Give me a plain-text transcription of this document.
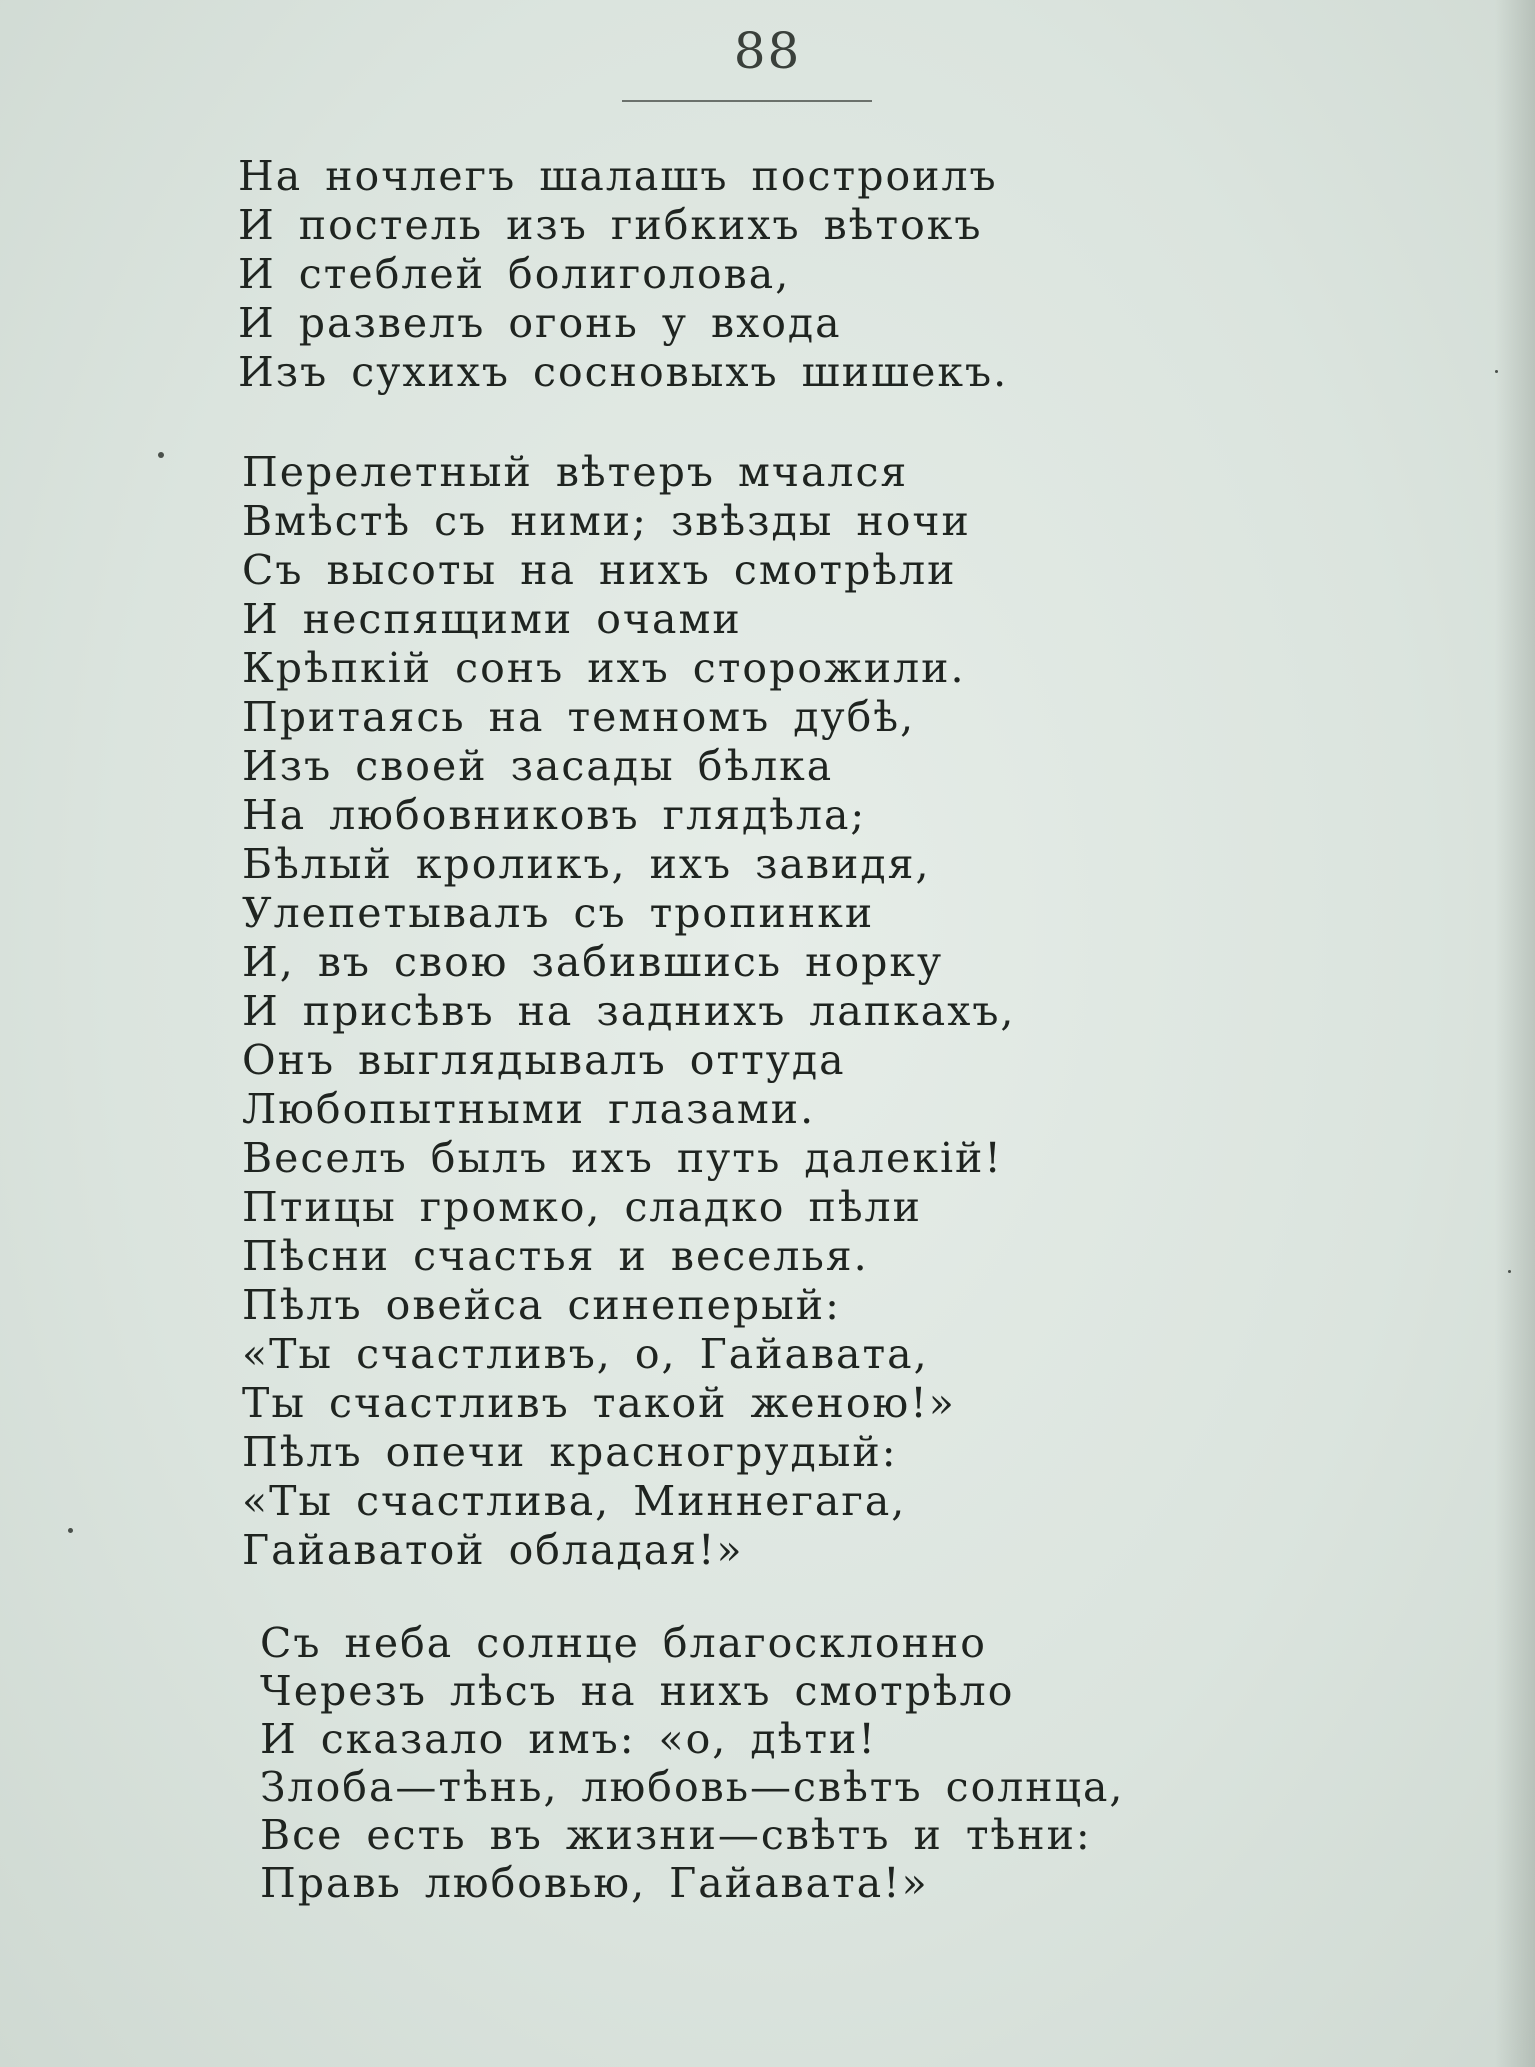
88
На ночлегъ шалашъ построилъ
И постель изъ гибкихъ вѣтокъ
И стеблей болиголова,
И развелъ огонь у входа
Изъ сухихъ сосновыхъ шишекъ.
Перелетный вѣтеръ мчался
Вмѣстѣ съ ними; звѣзды ночи
Съ высоты на нихъ смотрѣли
И неспящими очами
Крѣпкій сонъ ихъ сторожили.
Притаясь на темномъ дубѣ,
Изъ своей засады бѣлка
На любовниковъ глядѣла;
Бѣлый кроликъ, ихъ завидя,
Улепетывалъ съ тропинки
И, въ свою забившись норку
И присѣвъ на заднихъ лапкахъ,
Онъ выглядывалъ оттуда
Любопытными глазами.
Веселъ былъ ихъ путь далекій!
Птицы громко, сладко пѣли
Пѣсни счастья и веселья.
Пѣлъ овейса синеперый:
«Ты счастливъ, о, Гайавата,
Ты счастливъ такой женою!»
Пѣлъ опечи красногрудый:
«Ты счастлива, Миннегага,
Гайаватой обладая!»
Съ неба солнце благосклонно
Черезъ лѣсъ на нихъ смотрѣло
И сказало имъ: «о, дѣти!
Злоба—тѣнь, любовь—свѣтъ солнца,
Все есть въ жизни—свѣтъ и тѣни:
Правь любовью, Гайавата!»
